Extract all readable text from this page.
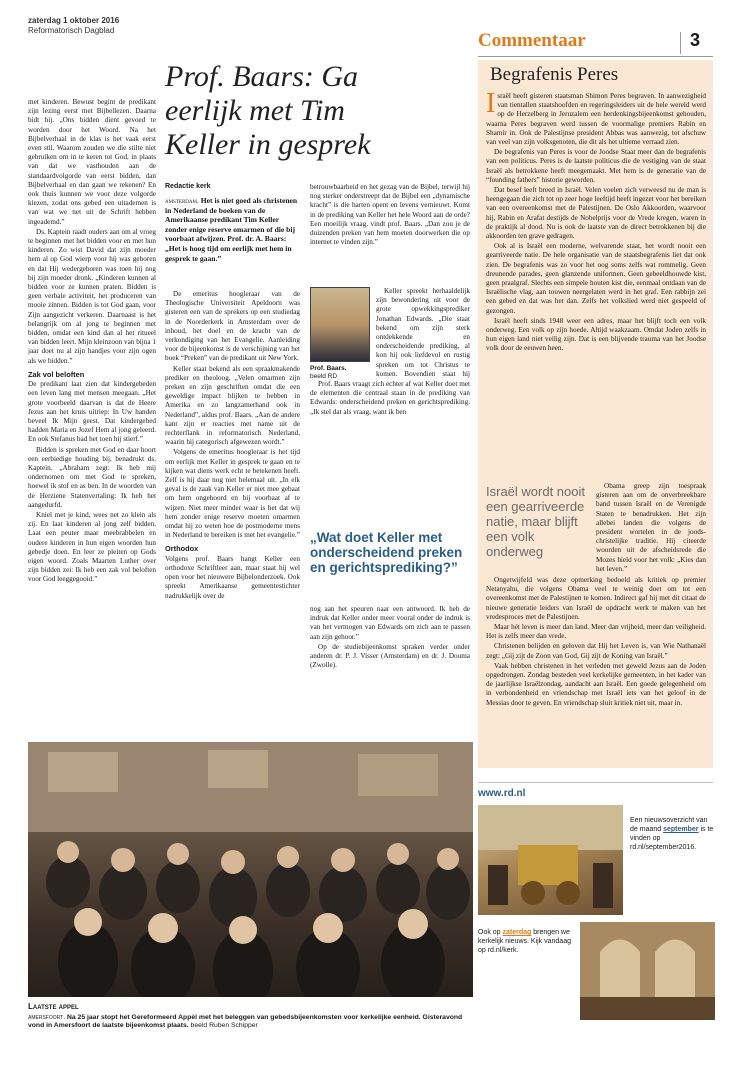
zaterdag 1 oktober 2016
Reformatorisch Dagblad	Commentaar	3

met kinderen. Bewust begint de predikant zijn lezing eerst met Bijbellezen. Daarna bidt hij. „Ons bidden dient gevoed te worden door het Woord. Na het Bijbelverhaal in de klas is het vaak eerst even stil. Waarom zouden we die stilte niet gebruiken om in te keren tot God, in plaats van dat we vasthouden aan de standaardvolgorde van eerst bidden, dan Bijbelverhaal en dan gaan we rekenen? En ook thuis kunnen we voor deze volgorde kiezen, zodat ons gebed een uitademen is van wat we net uit de Schrift hebben ingeademd.”

Ds. Kaptein raadt ouders aan om al vroeg te beginnen met het bidden voor en met hun kinderen. Zo wist David dat zijn moeder hem al op God wierp voor hij was geboren en dat Hij wedergeboren was toen hij nog bij zijn moeder dronk. „Kinderen kunnen al bidden voor ze kunnen praten. Bidden is geen verbale activiteit, het produceren van mooie zinnen. Bidden is tot God gaan, voor Zijn aangezicht verkeren. Daarnaast is het belangrijk om al jong te beginnen met bidden, omdat een kind dan al het ritueel van bidden leert. Mijn kleinzoon van bijna 1 jaar doet nu al zijn handjes voor zijn ogen als we bidden.”

Zak vol beloften

De predikant laat zien dat kindergebeden een leven lang met mensen meegaan. „Het grote voorbeeld daarvan is dat de Heere Jezus aan het kruis uitriep: In Uw handen beveel Ik Mijn geest. Dat kindergebed hadden Maria en Jozef Hem al jong geleerd. En ook Stefanus bad het toen hij stierf.”

Bidden is spreken met God en daar hoort een eerbiedige houding bij, benadrukt ds. Kaptein. „Abraham zegt: Ik heb mij ondernomen om met God te spreken, hoewel ik stof en as ben. In de woorden van de Herziene Statenvertaling: Ik heb het aangedurfd.

Kniel met je kind, wees net zo klein als zij. En laat kinderen al jong zelf bidden. Laat een peuter maar meebrabbelen en oudere kinderen in hun eigen woorden hun gebedje doen. En leer ze pleiten op Gods eigen woord. Zoals Maarten Luther over zijn bidden zei: Ik heb een zak vol beloften voor God leeggegooid.”

Prof. Baars: Ga eerlijk met Tim Keller in gesprek
Redactie kerk
amsterdam. Het is niet goed als christenen in Nederland de boeken van de Amerikaanse predikant Tim Keller zonder enige reserve omarmen of die bij voorbaat afwijzen. Prof. dr. A. Baars: „Het is hoog tijd om eerlijk met hem in gesprek te gaan.”

De emeritus hoogleraar van de Theologische Universiteit Apeldoorn was gisteren een van de sprekers op een studiedag in de Noorderkerk in Amsterdam over de inhoud, het doel en de kracht van de verkondiging van het Evangelie. Aanleiding voor de bijeenkomst is de verschijning van het boek “Preken” van de predikant uit New York.

Keller staat bekend als een spraakmakende prediker en theoloog. „Velen omarmen zijn preken en zijn geschriften omdat die een geweldige impact blijken te hebben in Amerika en zo langzamerhand ook in Nederland”, aldus prof. Baars. „Aan de andere kant zijn er reacties met name uit de rechterflank in reformatorisch Nederland, waarin hij categorisch afgewezen wordt.”

Volgens de emeritus hoogleraar is het tijd om eerlijk met Keller in gesprek te gaan en te kijken wat diens werk echt te betekenen heeft. Zelf is hij daar nog niet helemaal uit. „In elk geval is de zaak van Keller er niet mee gebaat om hem ongehoord en bij voorbaat af te wijzen. Niet meer minder waar is het dat wij hem zonder enige reserve moeten omarmen omdat hij zo weten hoe de postmoderne mens in Nederland te bereiken is met het evangelie.”

Orthodox

Volgens prof. Baars hangt Keller een orthodoxe Schriftleer aan, maar staat hij wel open voor het nieuwere Bijbelonderzoek. Ook spreekt Amerikaanse gemeentestichter nadrukkelijk over de

betrouwbaarheid en het gezag van de Bijbel, terwijl hij nog sterker onderstreept dat de Bijbel een „dynamische kracht” is die harten opent en levens vernieuwt. Komt in de prediking van Keller het hele Woord aan de orde? Een moeilijk vraag, vindt prof. Baars. „Dan zou je de duizenden preken van hem moeten doorwerken die op internet te vinden zijn.”

Prof. Baars.
beeld RD

Keller spreekt herhaaldelijk zijn bewondering uit voor de grote opwekkingsprediker Jonathan Edwards. „Die staat bekend om zijn sterk ontdekkende en onderscheidende prediking, al kon hij ook liefdevol en rustig spreken om tot Christus te komen. Bovendien staat hij

Prof. Baars vraagt zich echter af wat Keller doet met de elementen die centraal staan in de prediking van Edwards: onderscheidend preken en gerichtsprediking. „Ik stel dat als vraag, want ik ben

„Wat doet Keller met onderscheidend preken en gerichtsprediking?”

nog aan het speuren naar een antwoord. Ik heb de indruk dat Keller onder meer vooral onder de indruk is van het vermogen van Edwards om zich aan te passen aan zijn gehoor.”

Op de studiebijeenkomst spraken verder onder anderen dr. P. J. Visser (Amsterdam) en dr. J. Douma (Zwolle).

Begrafenis Peres

Israël heeft gisteren staatsman Shimon Peres begraven. In aanwezigheid van tientallen staatshoofden en regeringsleiders uit de hele wereld werd op de Herzelberg in Jeruzalem een herdenkingsbijeenkomst gehouden, waarna Peres begraven werd tussen de voormalige premiers Rabin en Shamir in. Ook de Palestijnse president Abbas was aanwezig, tot afschuw van veel van zijn volksgenoten, die dit als het ultieme verraad zien.

De begrafenis van Peres is voor de Joodse Staat meer dan de begrafenis van een politicus. Peres is de laatste politicus die de vestiging van de staat Israël als betrokkene heeft meegemaakt. Met hem is de generatie van de “founding fathers” historie geworden.

Dat besef leeft breed in Israël. Velen voelen zich verweesd nu de man is heengegaan die zich tot op zeer hoge leeftijd heeft ingezet voor het bereiken van een overeenkomst met de Palestijnen. De Oslo Akkoorden, waarvoor hij, Rabin en Arafat destijds de Nobelprijs voor de Vrede kregen, waren in de praktijk al dood. Nu is ook de laatste van de direct betrokkenen bij die akkoorden ten grave gedragen.

Ook al is Israël een moderne, welvarende staat, het wordt nooit een gearriveerde natie. De hele organisatie van de staatsbegrafenis liet dat ook zien. De begrafenis was zo voor het oog soms zelfs wat rommelig. Geen dreunende parades, geen glanzende uniformen. Geen gebeeldhouwde kist, geen praalgraf. Slechts een simpele houten kist die, eenmaal ontdaan van de Israëlische vlag, aan touwen neergelaten werd in het graf. Een rabbijn zei een gebed en dat was het dan. Zelfs het volkslied werd niet gespeeld of gezongen.

Israël heeft sinds 1948 weer een adres, maar het blijft toch een volk onderweg. Een volk op zijn hoede. Altijd waakzaam. Omdat Joden zelfs in hun eigen land niet veilig zijn. Dat is een blijvende trauma van het Joodse volk door de eeuwen heen.

Israël wordt nooit een gearriveerde natie, maar blijft een volk onderweg

Obama greep zijn toespraak gisteren aan om de onverbreekbare band tussen Israël en de Verenigde Staten te benadrukken. Het zijn allebei landen die volgens de president wortelen in de joods-christelijke traditie. Hij citeerde woorden uit de afscheidsrede die Mozes hield voor het volk: „Kies dan het leven.”

Ongetwijfeld was deze opmerking bedoeld als kritiek op premier Netanyahu, die volgens Obama veel te weinig doet om tot een overeenkomst met de Palestijnen te komen. Indirect gaf hij met dit citaat de nieuwe generatie leiders van Israël de opdracht werk te maken van het vredesproces met de Palestijnen.

Maar hét leven is meer dan land. Meer dan vrijheid, meer dan veiligheid. Het is zelfs meer dan vrede.

Christenen belijden en geloven dat Hij het Leven is, van Wie Nathanaël zegt: „Gij zijt de Zoon van God, Gij zijt de Koning van Israël.”

Vaak hebben christenen in het verleden met geweld Jezus aan de Joden opgedrongen. Zondag besteden veel kerkelijke gemeenten, in het kader van de jaarlijkse Israëlzondag, aandacht aan Israël. Een goede gelegenheid om in verbondenheid en vriendschap met Israël iets van het geloof in de Messias door te geven. En vriendschap sluit kritiek niet uit, maar in.

Laatste appel
amersfoort. Na 25 jaar stopt het Gereformeerd Appèl met het beleggen van gebedsbijeenkomsten voor kerkelijke eenheid. Gisteravond vond in Amersfoort de laatste bijeenkomst plaats. beeld Ruben Schipper
www.rd.nl
Een nieuwsoverzicht van de maand september is te vinden op rd.nl/september2016.
Ook op zaterdag brengen we kerkelijk nieuws. Kijk vandaag op rd.nl/kerk.
